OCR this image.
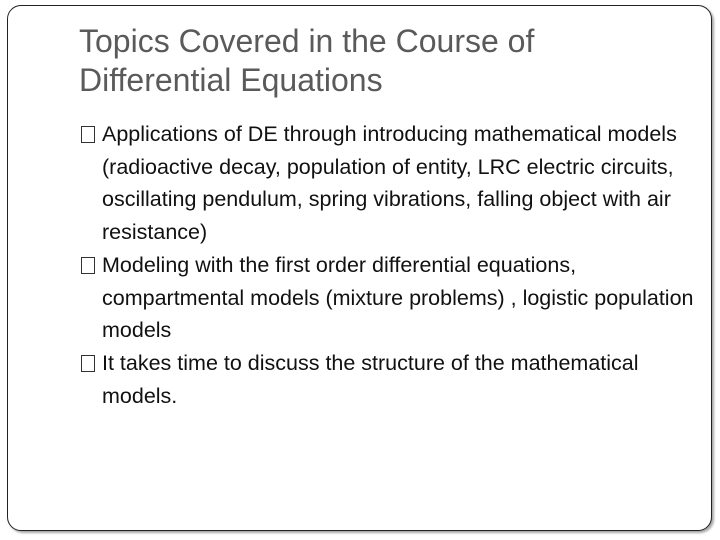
Topics Covered in the Course of Differential Equations
Applications of DE through introducing mathematical models (radioactive decay, population of entity, LRC electric circuits, oscillating pendulum, spring vibrations, falling object with air resistance)
Modeling with the first order differential equations, compartmental models (mixture problems) , logistic population models
It takes time to discuss the structure of the mathematical models.
